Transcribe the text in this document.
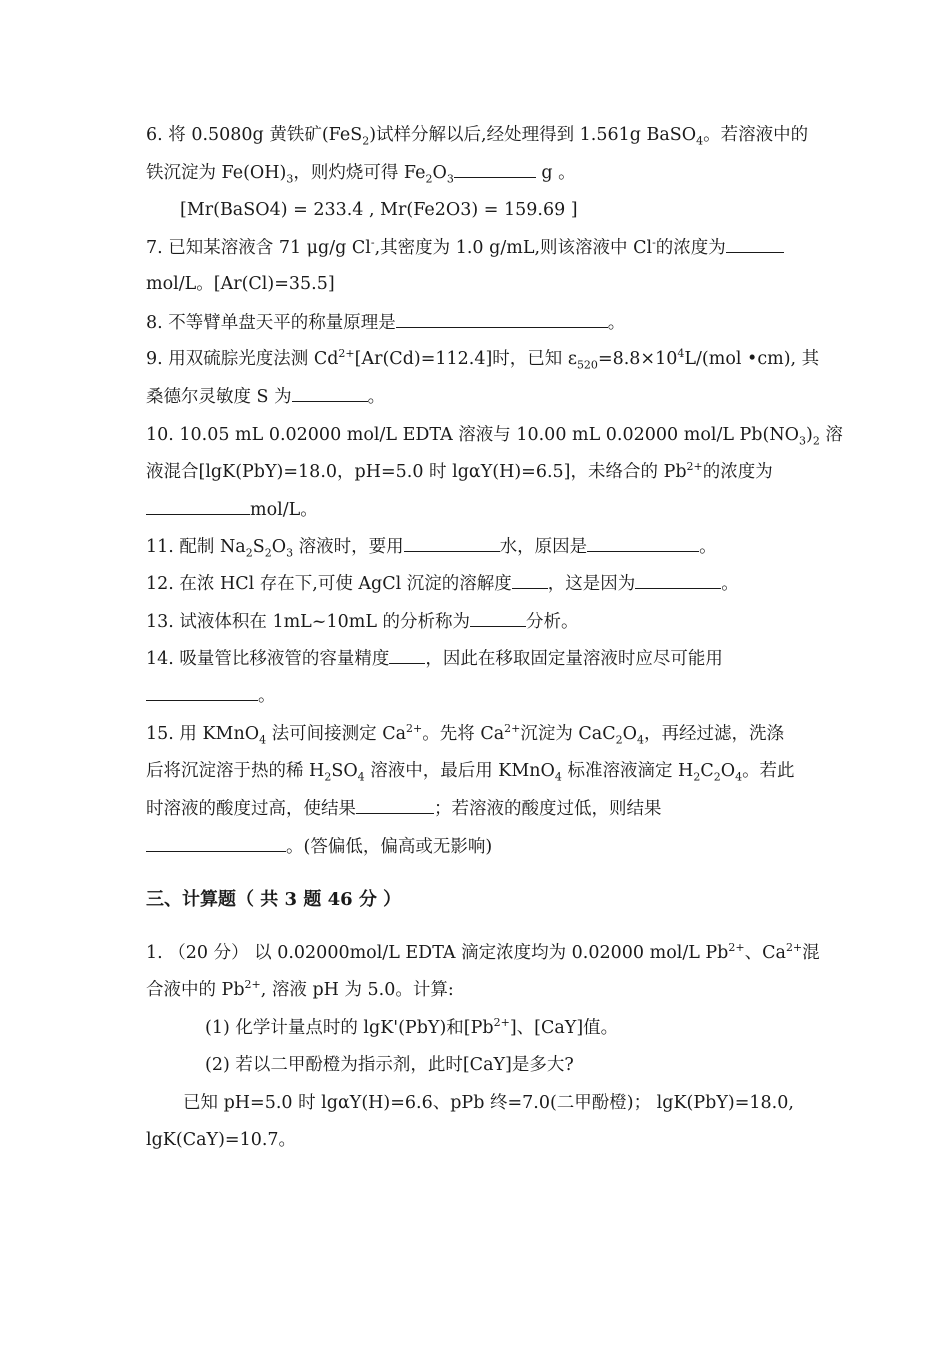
6. 将 0.5080g 黄铁矿(FeS$_2$)试样分解以后,经处理得到 1.561g BaSO$_4$。若溶液中的
铁沉淀为 $Fe(OH)_3$，则灼烧可得 $Fe_2O_3$	g 。
[Mr(BaSO4) = 233.4 , Mr(Fe2O3) = 159.69 ]
7. 已知某溶液含 71 μg/g Cl-,其密度为 1.0 g/mL,则该溶液中 Cl-的浓度为
mol/L。[Ar(Cl)=35.5]
8. 不等臂单盘天平的称量原理是	。
9. 用双硫腙光度法测 $Cd^{2+}[Ar(Cd)=112.4]$时，已知 $\varepsilon_{520}=8.8\times 10^4L/(mol$ •cm), 其
桑德尔灵敏度 S 为	。
10. 10.05 mL 0.02000 mol/L EDTA 溶液与 10.00 mL 0.02000 mol/L $Pb(NO_3)_2$ 溶
液混合[lgK(PbY)=18.0，pH=5.0 时 lgαY(H)=6.5]，未络合的 $Pb^{2+}$的浓度为
mol/L。
11. 配制 $Na_2S_2O_3$ 溶液时，要用	水，原因是	。
12. 在浓 HCl 存在下,可使 AgCl 沉淀的溶解度 ，这是因为	。
13. 试液体积在 1mL~10mL 的分析称为	分析。
14. 吸量管比移液管的容量精度 ，因此在移取固定量溶液时应尽可能用
。
15. 用 KMnO$_4$ 法可间接测定 $Ca^{2+}$。先将 $Ca^{2+}$沉淀为 $CaC_2O_4$，再经过滤，洗涤
后将沉淀溶于热的稀 $H_2SO_4$ 溶液中，最后用 KMnO$_4$ 标准溶液滴定 $H_2C_2O_4$。若此
时溶液的酸度过高，使结果	；若溶液的酸度过低，则结果
。(答偏低，偏高或无影响)
三、计算题（ 共 3 题 46 分 ）
1. （20 分） 以 0.02000mol/L EDTA 滴定浓度均为 0.02000 mol/L $Pb^{2+}$、$Ca^{2+}$混
合液中的 $Pb^{2+}$, 溶液 pH 为 5.0。计算:
(1) 化学计量点时的 lgK'(PbY)和$[Pb^{2+}]$、[CaY]值。
(2) 若以二甲酚橙为指示剂，此时[CaY]是多大?
已知 pH=5.0 时 lgαY(H)=6.6、pPb 终=7.0(二甲酚橙)； lgK(PbY)=18.0,
lgK(CaY)=10.7。
